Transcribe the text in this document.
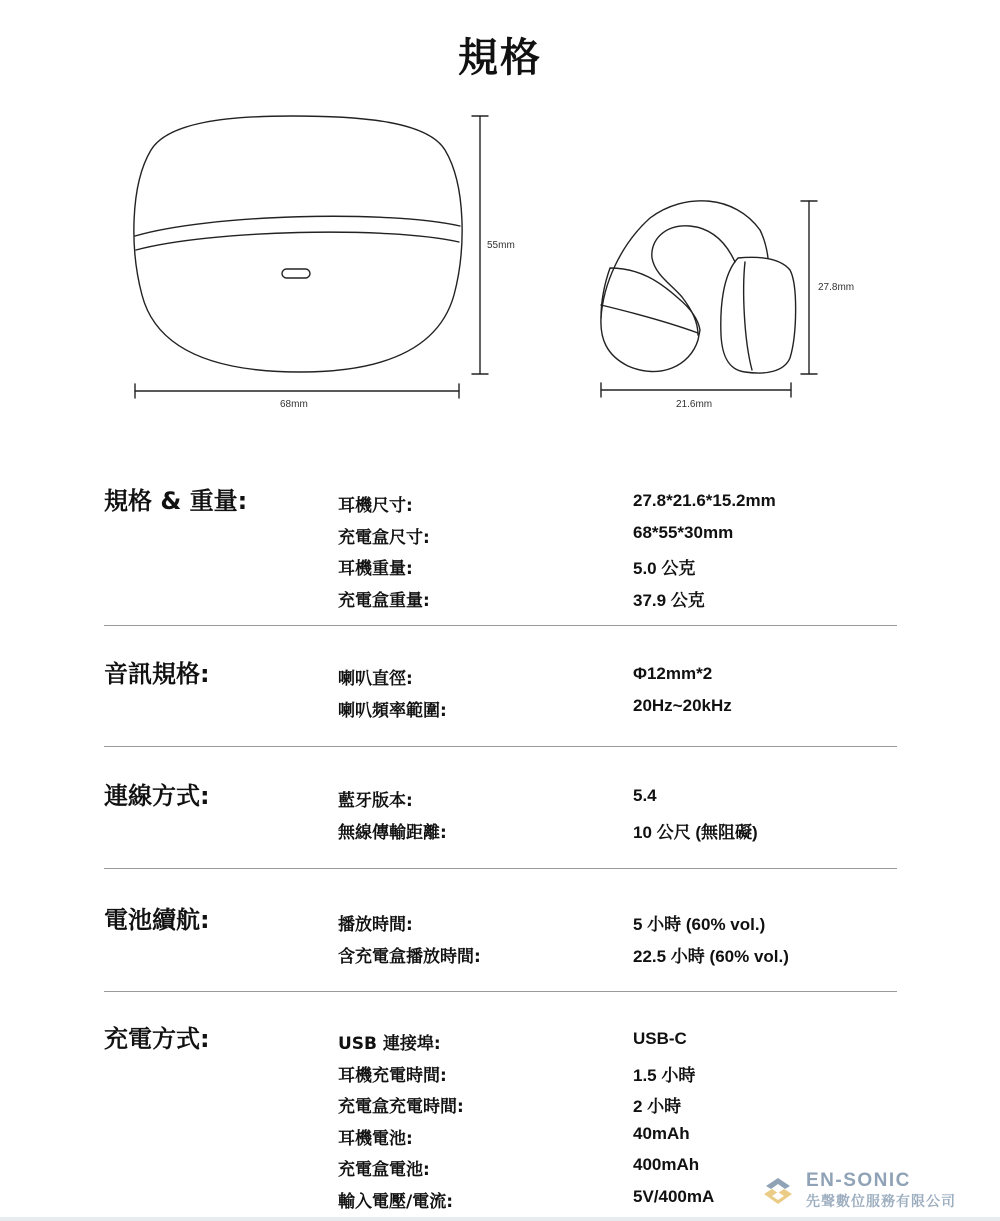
規格
55mm
68mm
27.8mm
21.6mm
規格 & 重量:	耳機尺寸:	27.8*21.6*15.2mm
充電盒尺寸:	68*55*30mm
耳機重量:	5.0 公克
充電盒重量:	37.9 公克
音訊規格:	喇叭直徑:	Φ12mm*2
喇叭頻率範圍:	20Hz~20kHz
連線方式:	藍牙版本:	5.4
無線傳輸距離:	10 公尺 (無阻礙)
電池續航:	播放時間:	5 小時 (60% vol.)
含充電盒播放時間:	22.5 小時 (60% vol.)
充電方式:	USB 連接埠:	USB-C
耳機充電時間:	1.5 小時
充電盒充電時間:	2 小時
耳機電池:	40mAh
充電盒電池:	400mAh
輸入電壓/電流:	5V/400mA
EN-SONIC
先聲數位服務有限公司
